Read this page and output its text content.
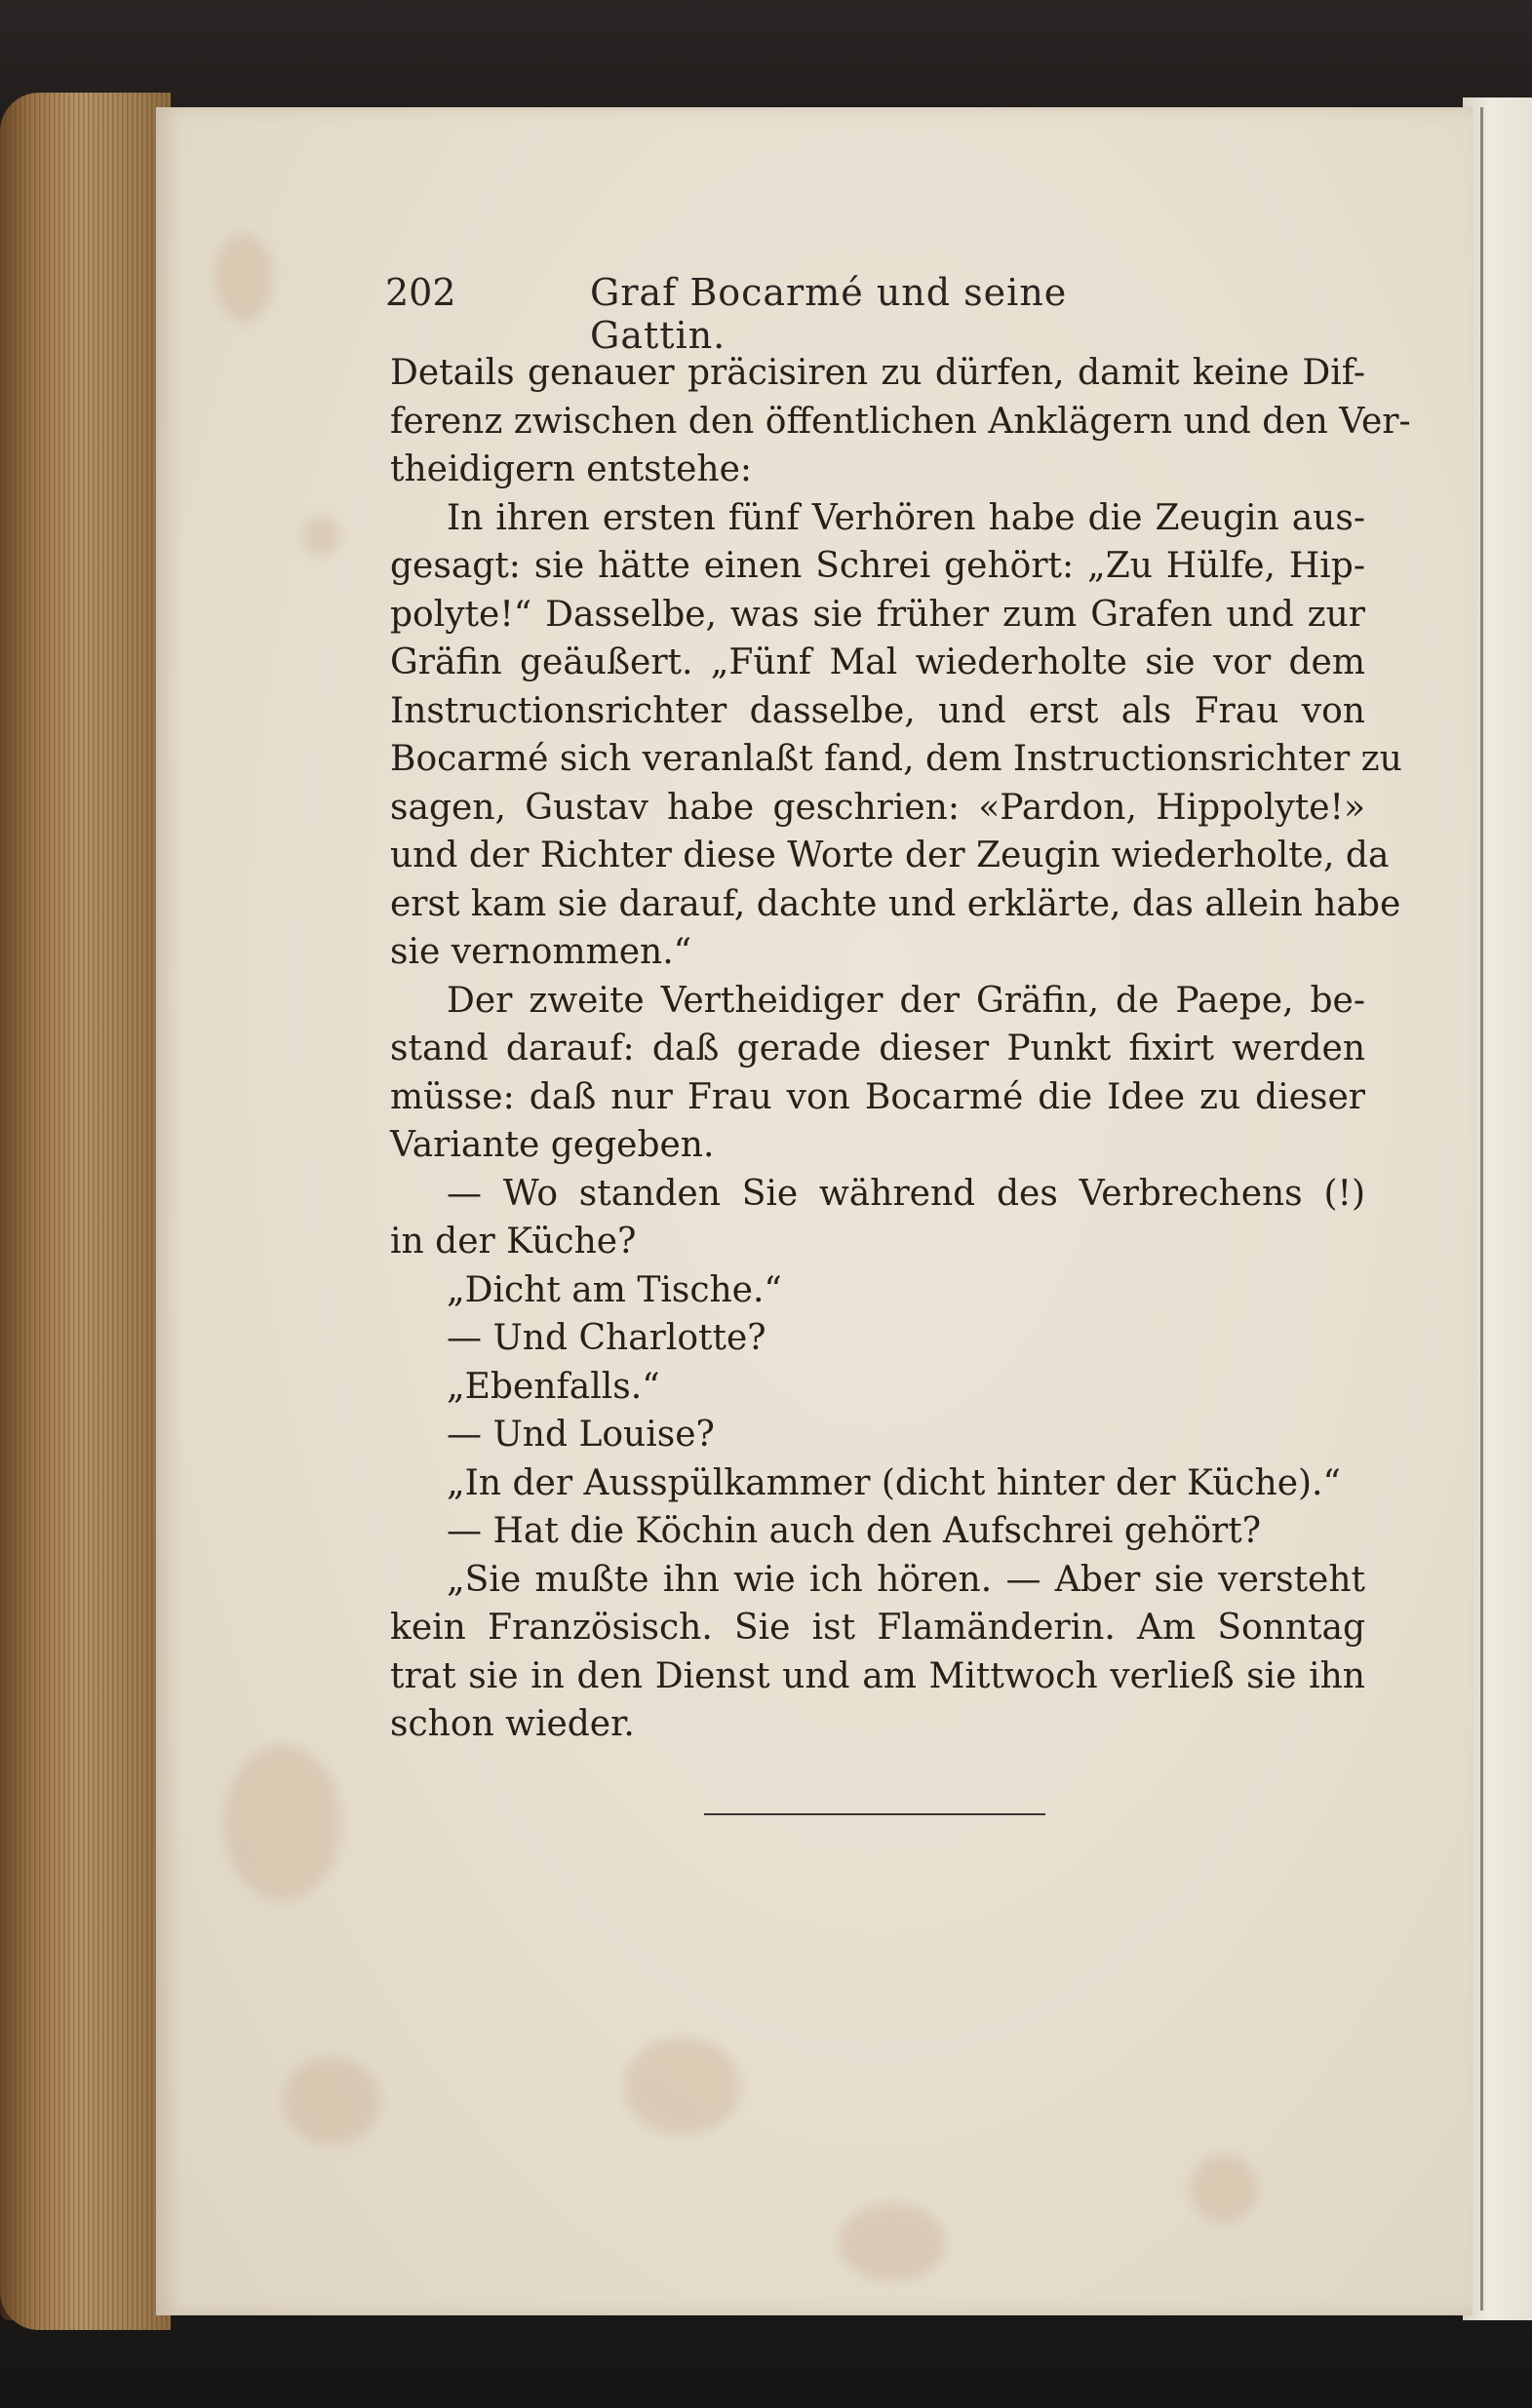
202	Graf Bocarmé und seine Gattin.
Details genauer präcisiren zu dürfen, damit keine Dif-
ferenz zwischen den öffentlichen Anklägern und den Ver-
theidigern entstehe:
In ihren ersten fünf Verhören habe die Zeugin aus-
gesagt: sie hätte einen Schrei gehört: „Zu Hülfe, Hip-
polyte!“ Dasselbe, was sie früher zum Grafen und zur
Gräfin geäußert. „Fünf Mal wiederholte sie vor dem
Instructionsrichter dasselbe, und erst als Frau von
Bocarmé sich veranlaßt fand, dem Instructionsrichter zu
sagen, Gustav habe geschrien: «Pardon, Hippolyte!»
und der Richter diese Worte der Zeugin wiederholte, da
erst kam sie darauf, dachte und erklärte, das allein habe
sie vernommen.“
Der zweite Vertheidiger der Gräfin, de Paepe, be-
stand darauf: daß gerade dieser Punkt fixirt werden
müsse: daß nur Frau von Bocarmé die Idee zu dieser
Variante gegeben.
— Wo standen Sie während des Verbrechens (!)
in der Küche?
„Dicht am Tische.“
— Und Charlotte?
„Ebenfalls.“
— Und Louise?
„In der Ausspülkammer (dicht hinter der Küche).“
— Hat die Köchin auch den Aufschrei gehört?
„Sie mußte ihn wie ich hören. — Aber sie versteht
kein Französisch. Sie ist Flamänderin. Am Sonntag
trat sie in den Dienst und am Mittwoch verließ sie ihn
schon wieder.
